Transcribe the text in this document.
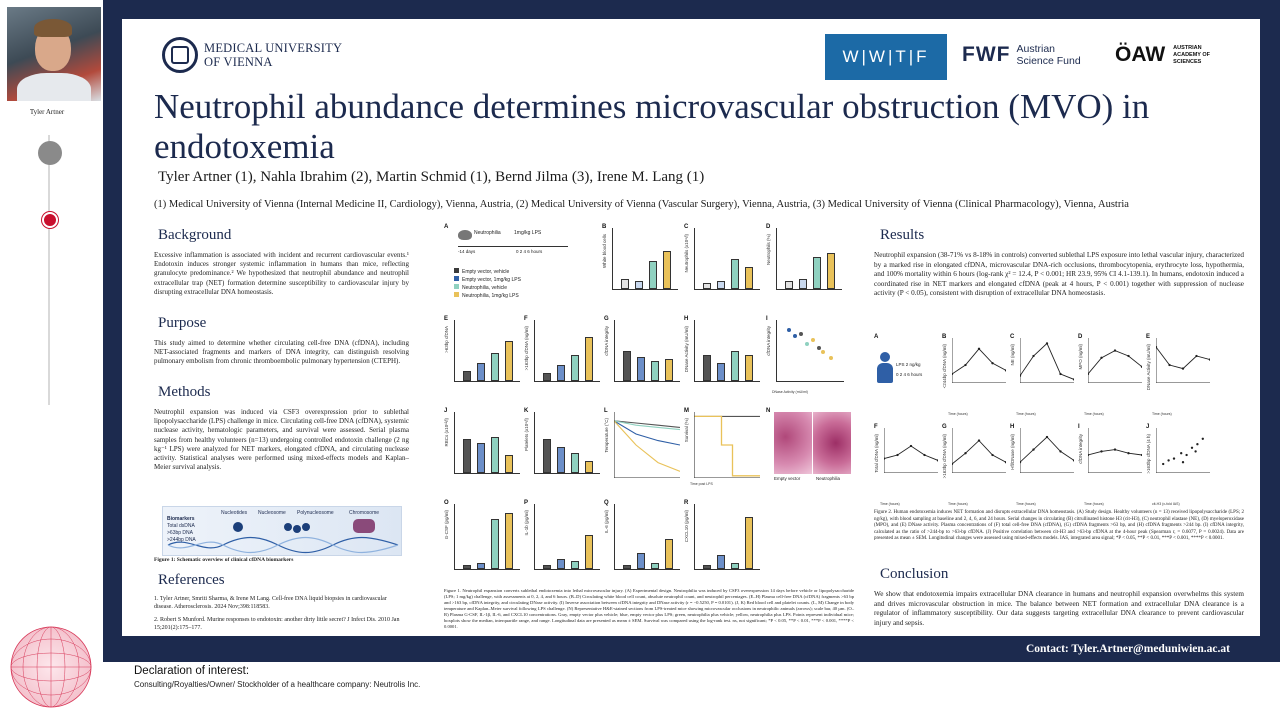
Tyler Artner
MEDICAL UNIVERSITY
OF VIENNA	W|W|T|F	FWF Austrian
Science Fund ÖAW AUSTRIAN
ACADEMY OF
SCIENCES
Neutrophil abundance determines microvascular obstruction (MVO) in endotoxemia
Tyler Artner (1), Nahla Ibrahim (2), Martin Schmid (1), Bernd Jilma (3), Irene M. Lang (1)
(1) Medical University of Vienna (Internal Medicine II, Cardiology), Vienna, Austria, (2) Medical University of Vienna (Vascular Surgery), Vienna, Austria, (3) Medical University of Vienna (Clinical Pharmacology), Vienna, Austria
Background
Excessive inflammation is associated with incident and recurrent cardiovascular events.¹ Endotoxin induces stronger systemic inflammation in humans than mice, reflecting granulocyte predominance.² We hypothesized that neutrophil abundance and neutrophil extracellular trap (NET) formation determine susceptibility to cardiovascular injury by disrupting extracellular DNA homeostasis.
Purpose
This study aimed to determine whether circulating cell-free DNA (cfDNA), including NET-associated fragments and markers of DNA integrity, can distinguish resolving pulmonary embolism from chronic thromboembolic pulmonary hypertension (CTEPH).
Methods
Neutrophil expansion was induced via CSF3 overexpression prior to sublethal lipopolysaccharide (LPS) challenge in mice. Circulating cell-free DNA (cfDNA), systemic nuclease activity, hematologic parameters, and survival were assessed. Serial plasma samples from healthy volunteers (n=13) undergoing controlled endotoxin challenge (2 ng kg⁻¹ LPS) were analyzed for NET markers, elongated cfDNA, and circulating nuclease activity. Statistical analyses were performed using mixed-effects models and Kaplan–Meier survival analysis.
Nucleotides Nucleosome Polynucleosome	Chromosome
Biomarkers
Total dsDNA
>63bp DNA
>244bp DNA
Figure 1: Schematic overview of clinical cfDNA biomarkers
References
1. Tyler Artner, Smriti Sharma, & Irene M Lang. Cell-free DNA liquid biopsies in cardiovascular disease. Atherosclerosis. 2024 Nov;398:118583.
2. Robert S Munford. Murine responses to endotoxin: another dirty little secret? J Infect Dis. 2010 Jan 15;201(2):175–177.
A
Neutrophilia	1mg/kg LPS
-14 days	0 2 4 6 hours
Empty vector, vehicle
Empty vector, 1mg/kg LPS
Neutrophilia, vehicle
Neutrophilia, 1mg/kg LPS
B
White blood cells
C
Neutrophils (x10⁹/l)
D
Neutrophils (%)
E
>63bp cfDNA
F
>163bp cfDNA (ng/ml)
G
cfDNA integrity
H
DNase Activity (mU/ml)
I
cfDNA integrity
DNase Activity (mU/ml)
J
RBCs (x10¹²/l)
K
Platelets (x10⁹/l)
L
Temperature (°C)
M
Survival (%)
Time post LPS
N
Empty vector	Neutrophilia
O
G-CSF (pg/ml)
P
IL-1b (pg/ml)
Q
IL-6 (pg/ml)
R
CXCL10 (pg/ml)
Figure 1. Neutrophil expansion converts sublethal endotoxemia into lethal microvascular injury. (A) Experimental design. Neutrophilia was induced by CSF3 overexpression 14 days before vehicle or lipopolysaccharide (LPS; 1 mg/kg) challenge, with assessments at 0, 2, 4, and 6 hours. (B–D) Circulating white blood cell count, absolute neutrophil count, and neutrophil percentages. (E–H) Plasma cell-free DNA (cfDNA) fragments >63 bp and >163 bp, cfDNA integrity, and circulating DNase activity. (I) Inverse association between cfDNA integrity and DNase activity (r = −0.5250, P = 0.0101). (J, K) Red blood cell and platelet counts. (L, M) Change in body temperature and Kaplan–Meier survival following LPS challenge. (N) Representative H&E-stained sections from LPS-treated mice showing microvascular occlusions in neutrophilic animals (arrows); scale bar, 40 µm. (O–R) Plasma G-CSF, IL-1β, IL-6, and CXCL10 concentrations. Gray, empty vector plus vehicle; blue, empty vector plus LPS; green, neutrophilia plus vehicle; yellow, neutrophilia plus LPS. Points represent individual mice; boxplots show the median, interquartile range, and range. Longitudinal data are presented as mean ± SEM. Survival was compared using the log-rank test. ns, not significant; *P < 0.05, **P < 0.01, ***P < 0.001, ****P < 0.0001.
Results
Neutrophil expansion (38-71% vs 8-18% in controls) converted sublethal LPS exposure into lethal vascular injury, characterized by a marked rise in elongated cfDNA, microvascular DNA-rich occlusions, thrombocytopenia, erythrocyte loss, hypothermia, and 100% mortality within 6 hours (log-rank χ² = 12.4, P < 0.001; HR 23.9, 95% CI 4.1-139.1). In humans, endotoxin induced a coordinated rise in NET markers and elongated cfDNA (peak at 4 hours, P < 0.001) together with suppression of nuclease activity (P < 0.05), consistent with disruption of extracellular DNA homeostasis.
A
LPS 2 ng/kg
0 2 4 6 hours
B
<244bp cfDNA (ng/ml)
Time (hours)
C
NE (ng/ml)
Time (hours)
D
MPO (ng/ml)
Time (hours)
E
DNase Activity (mU/ml)
Time (hours)
F
Total cfDNA (ng/ml)
Time (hours)
G
>163bp cfDNA (ng/ml)
Time (hours)
H
Hfl/DNase (ng/ml)
Time (hours)
I
cfDNA integrity
Time (hours)
J
>163bp cfDNA (4 h)
cit-H3 (x-fold IAS)
Figure 2. Human endotoxemia induces NET formation and disrupts extracellular DNA homeostasis. (A) Study design. Healthy volunteers (n = 13) received lipopolysaccharide (LPS; 2 ng/kg), with blood sampling at baseline and 2, 4, 6, and 24 hours. Serial changes in circulating (B) citrullinated histone H3 (cit-H3), (C) neutrophil elastase (NE), (D) myeloperoxidase (MPO), and (E) DNase activity. Plasma concentrations of (F) total cell-free DNA (cfDNA), (G) cfDNA fragments >63 bp, and (H) cfDNA fragments >244 bp. (I) cfDNA integrity, calculated as the ratio of >244-bp to >63-bp cfDNA. (J) Positive correlation between cit-H3 and >63-bp cfDNA at the 4-hour peak (Spearman r, = 0.6077, P = 0.0024). Data are presented as mean ± SEM. Longitudinal changes were assessed using mixed-effects models. IAS, integrated area signal; *P < 0.05, **P < 0.01, ***P < 0.001, ****P < 0.0001.
Conclusion
We show that endotoxemia impairs extracellular DNA clearance in humans and neutrophil expansion overwhelms this system and drives microvascular obstruction in mice. The balance between NET formation and extracellular DNA clearance is a regulator of inflammatory susceptibility. Our data suggests targeting extracellular DNA clearance to prevent cardiovascular injury and sepsis.
Contact: Tyler.Artner@meduniwien.ac.at
Declaration of interest:
Consulting/Royalties/Owner/ Stockholder of a healthcare company: Neutrolis Inc.
